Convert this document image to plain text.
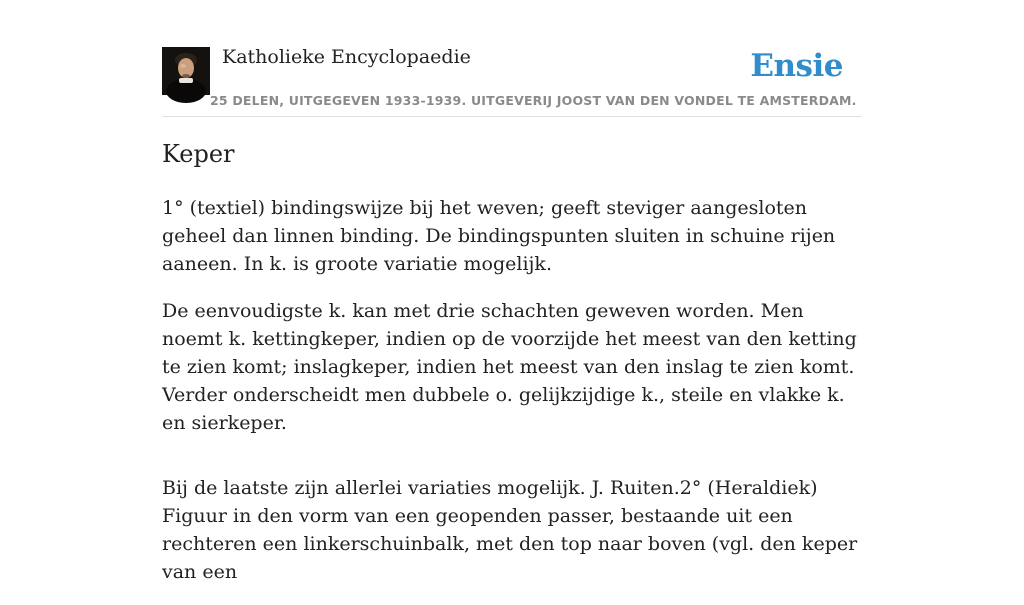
Katholieke Encyclopaedie
25 DELEN, UITGEGEVEN 1933-1939. UITGEVERIJ JOOST VAN DEN VONDEL TE AMSTERDAM.
Ensie
Keper

1° (textiel) bindingswijze bij het weven; geeft steviger aangesloten geheel dan linnen binding. De bindingspunten sluiten in schuine rijen aaneen. In k. is groote variatie mogelijk.

De eenvoudigste k. kan met drie schachten geweven worden. Men noemt k. kettingkeper, indien op de voorzijde het meest van den ketting te zien komt; inslagkeper, indien het meest van den inslag te zien komt. Verder onderscheidt men dubbele o. gelijkzijdige k., steile en vlakke k. en sierkeper.

Bij de laatste zijn allerlei variaties mogelijk. J. Ruiten.2° (Heraldiek) Figuur in den vorm van een geopenden passer, bestaande uit een rechteren een linkerschuinbalk, met den top naar boven (vgl. den keper van een
